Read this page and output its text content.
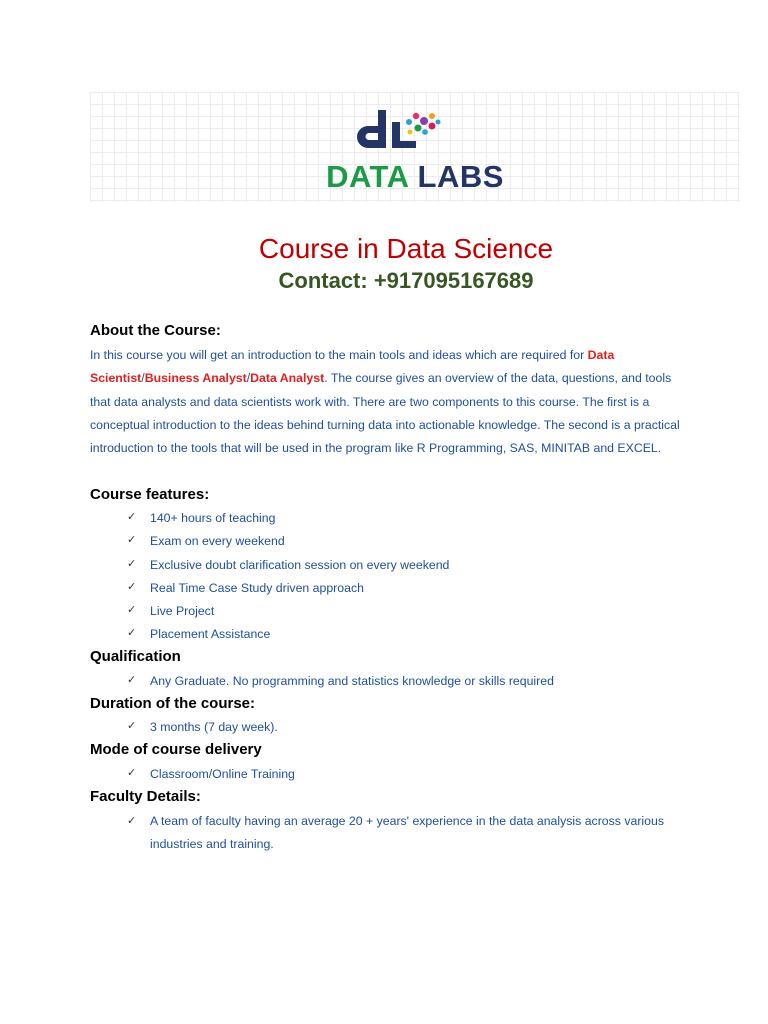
DATA LABS
Course in Data Science
Contact: +917095167689
About the Course:
In this course you will get an introduction to the main tools and ideas which are required for Data Scientist/Business Analyst/Data Analyst. The course gives an overview of the data, questions, and tools that data analysts and data scientists work with. There are two components to this course. The first is a conceptual introduction to the ideas behind turning data into actionable knowledge. The second is a practical introduction to the tools that will be used in the program like R Programming, SAS, MINITAB and EXCEL.
Course features:
✓	140+ hours of teaching
✓	Exam on every weekend
✓	Exclusive doubt clarification session on every weekend
✓	Real Time Case Study driven approach
✓	Live Project
✓	Placement Assistance
Qualification
✓	Any Graduate. No programming and statistics knowledge or skills required
Duration of the course:
✓	3 months (7 day week).
Mode of course delivery
✓	Classroom/Online Training
Faculty Details:
✓	A team of faculty having an average 20 + years' experience in the data analysis across various industries and training.
